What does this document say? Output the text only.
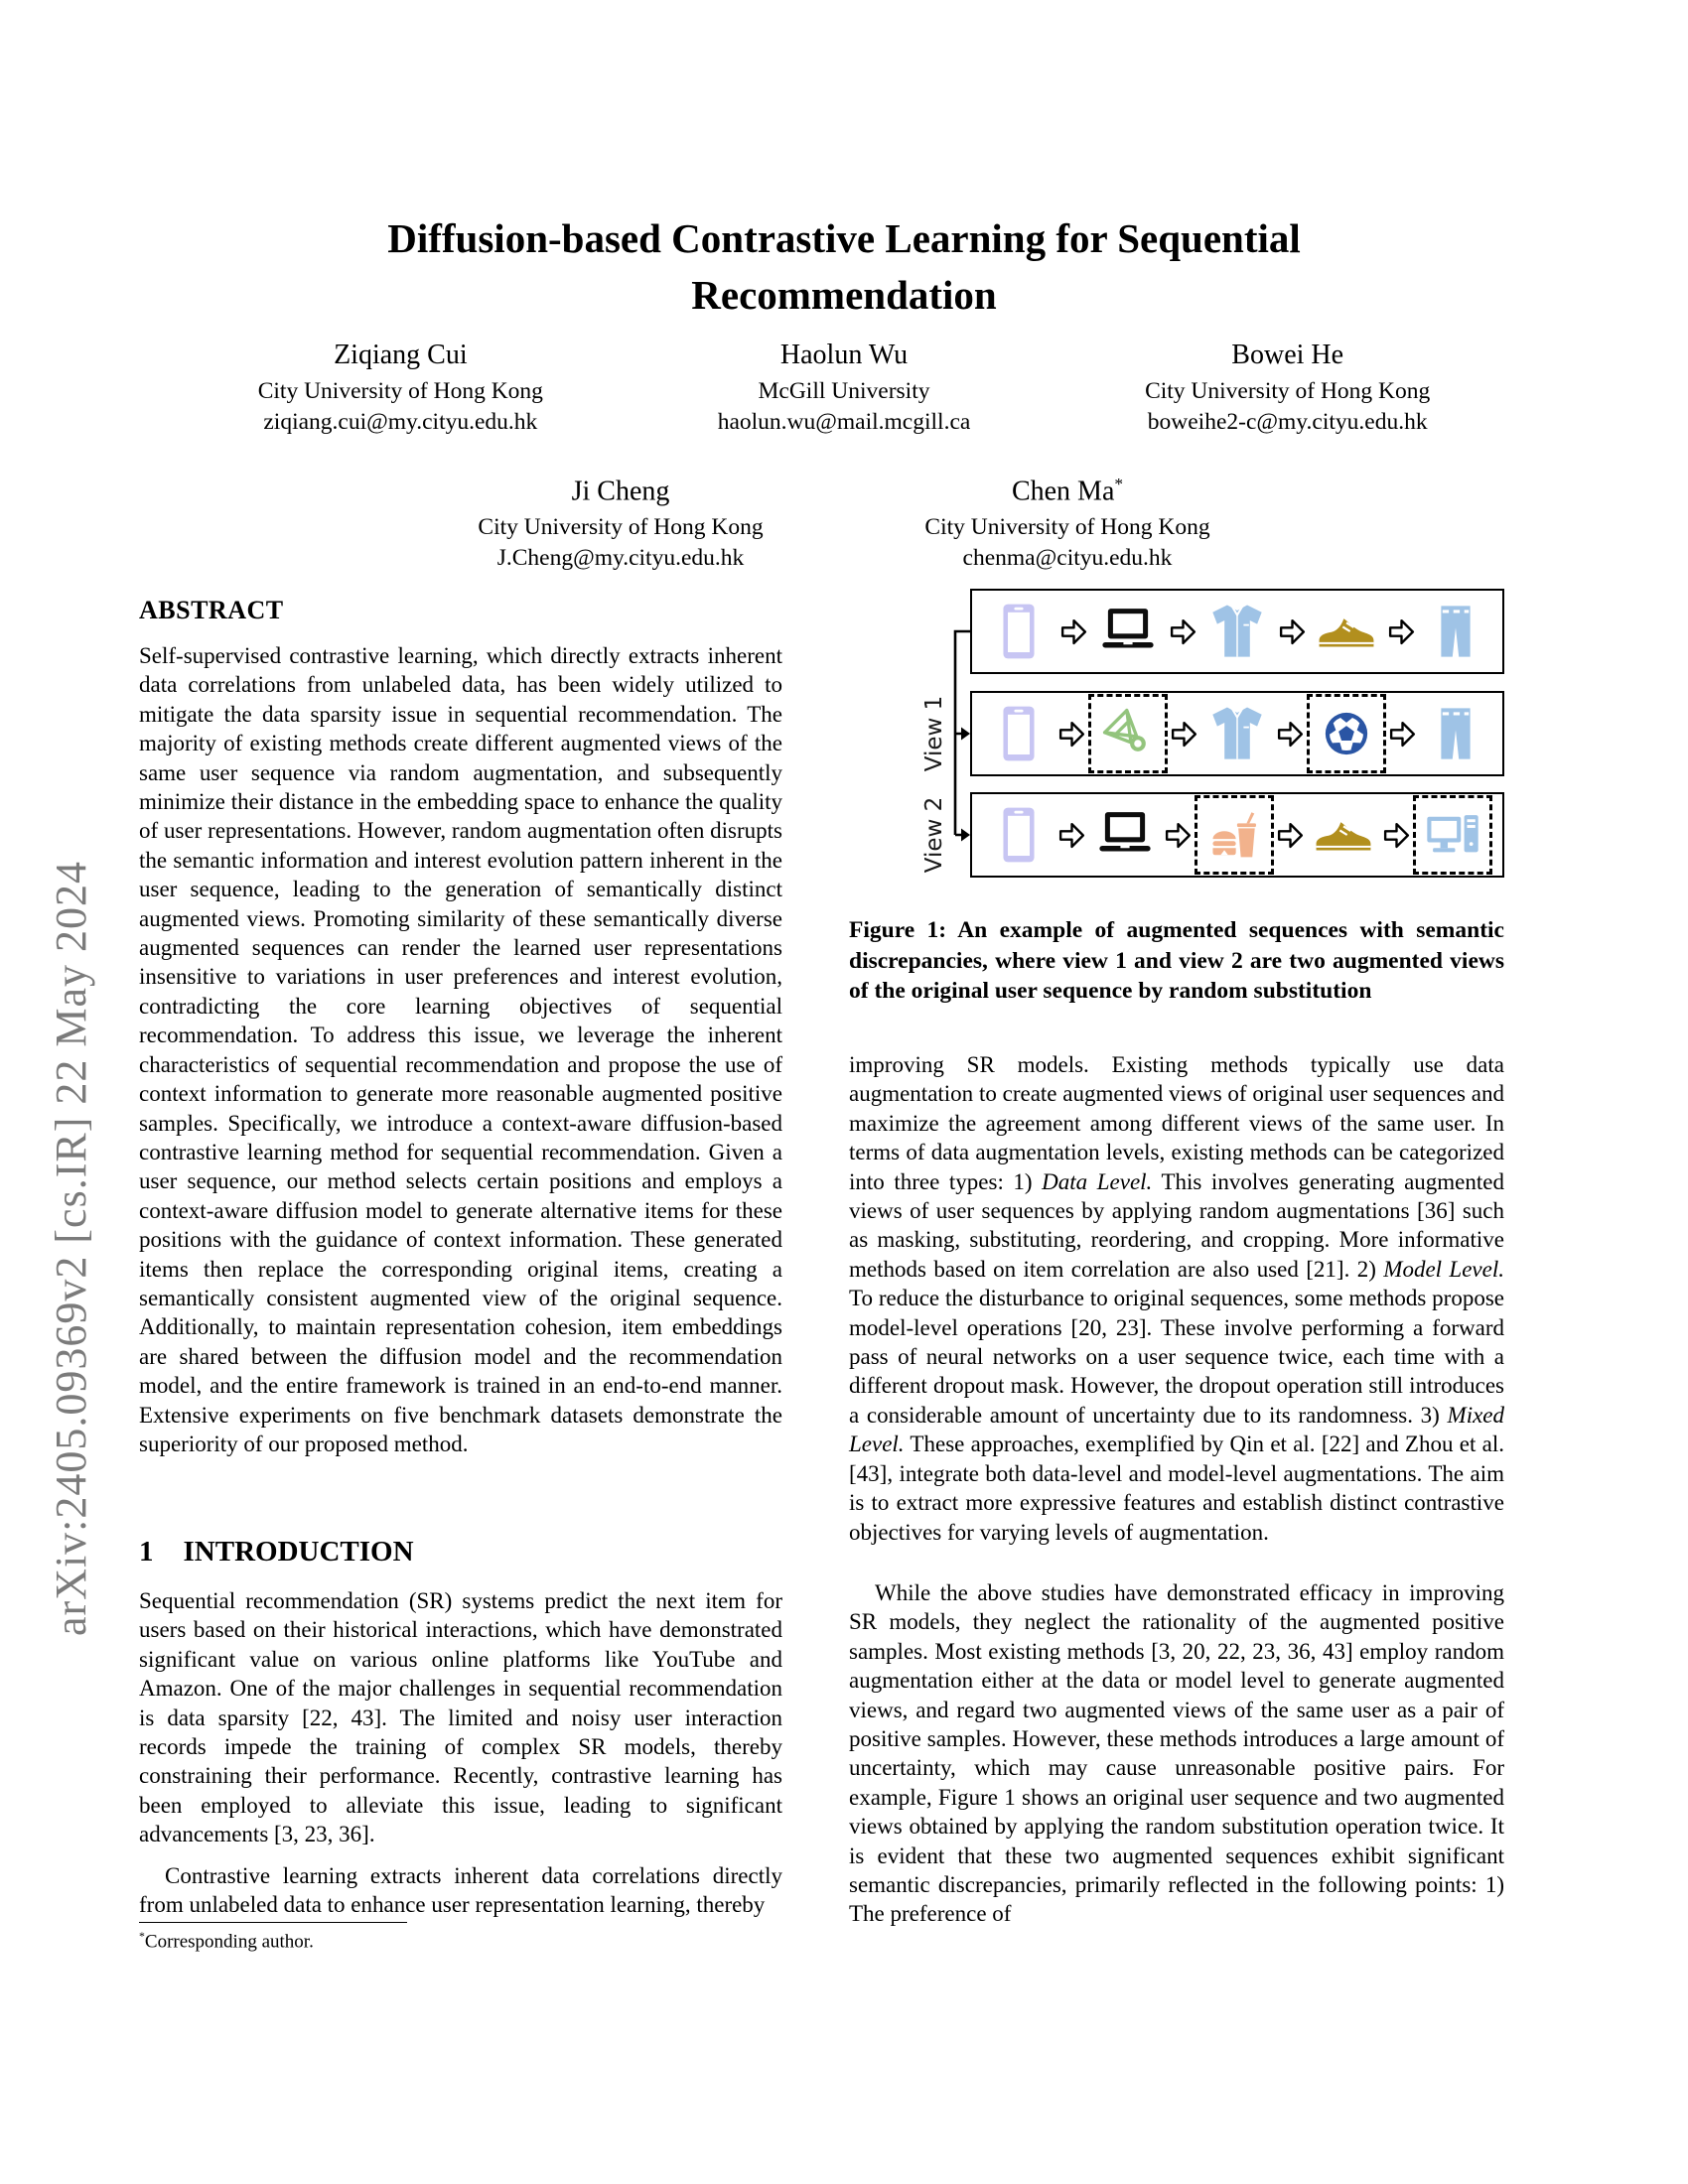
arXiv:2405.09369v2 [cs.IR] 22 May 2024
Diffusion-based Contrastive Learning for Sequential Recommendation
Ziqiang Cui
City University of Hong Kong
ziqiang.cui@my.cityu.edu.hk
Haolun Wu
McGill University
haolun.wu@mail.mcgill.ca
Bowei He
City University of Hong Kong
boweihe2-c@my.cityu.edu.hk
Ji Cheng
City University of Hong Kong
J.Cheng@my.cityu.edu.hk
Chen Ma*
City University of Hong Kong
chenma@cityu.edu.hk
ABSTRACT
Self-supervised contrastive learning, which directly extracts inherent data correlations from unlabeled data, has been widely utilized to mitigate the data sparsity issue in sequential recommendation. The majority of existing methods create different augmented views of the same user sequence via random augmentation, and subsequently minimize their distance in the embedding space to enhance the quality of user representations. However, random augmentation often disrupts the semantic information and interest evolution pattern inherent in the user sequence, leading to the generation of semantically distinct augmented views. Promoting similarity of these semantically diverse augmented sequences can render the learned user representations insensitive to variations in user preferences and interest evolution, contradicting the core learning objectives of sequential recommendation. To address this issue, we leverage the inherent characteristics of sequential recommendation and propose the use of context information to generate more reasonable augmented positive samples. Specifically, we introduce a context-aware diffusion-based contrastive learning method for sequential recommendation. Given a user sequence, our method selects certain positions and employs a context-aware diffusion model to generate alternative items for these positions with the guidance of context information. These generated items then replace the corresponding original items, creating a semantically consistent augmented view of the original sequence. Additionally, to maintain representation cohesion, item embeddings are shared between the diffusion model and the recommendation model, and the entire framework is trained in an end-to-end manner. Extensive experiments on five benchmark datasets demonstrate the superiority of our proposed method.
1 INTRODUCTION
Sequential recommendation (SR) systems predict the next item for users based on their historical interactions, which have demonstrated significant value on various online platforms like YouTube and Amazon. One of the major challenges in sequential recommendation is data sparsity [22, 43]. The limited and noisy user interaction records impede the training of complex SR models, thereby constraining their performance. Recently, contrastive learning has been employed to alleviate this issue, leading to significant advancements [3, 23, 36].
Contrastive learning extracts inherent data correlations directly from unlabeled data to enhance user representation learning, thereby
*Corresponding author.
View 1
View 2
Figure 1: An example of augmented sequences with semantic discrepancies, where view 1 and view 2 are two augmented views of the original user sequence by random substitution
improving SR models. Existing methods typically use data augmentation to create augmented views of original user sequences and maximize the agreement among different views of the same user. In terms of data augmentation levels, existing methods can be categorized into three types: 1) Data Level. This involves generating augmented views of user sequences by applying random augmentations [36] such as masking, substituting, reordering, and cropping. More informative methods based on item correlation are also used [21]. 2) Model Level. To reduce the disturbance to original sequences, some methods propose model-level operations [20, 23]. These involve performing a forward pass of neural networks on a user sequence twice, each time with a different dropout mask. However, the dropout operation still introduces a considerable amount of uncertainty due to its randomness. 3) Mixed Level. These approaches, exemplified by Qin et al. [22] and Zhou et al. [43], integrate both data-level and model-level augmentations. The aim is to extract more expressive features and establish distinct contrastive objectives for varying levels of augmentation.
While the above studies have demonstrated efficacy in improving SR models, they neglect the rationality of the augmented positive samples. Most existing methods [3, 20, 22, 23, 36, 43] employ random augmentation either at the data or model level to generate augmented views, and regard two augmented views of the same user as a pair of positive samples. However, these methods introduces a large amount of uncertainty, which may cause unreasonable positive pairs. For example, Figure 1 shows an original user sequence and two augmented views obtained by applying the random substitution operation twice. It is evident that these two augmented sequences exhibit significant semantic discrepancies, primarily reflected in the following points: 1) The preference of
